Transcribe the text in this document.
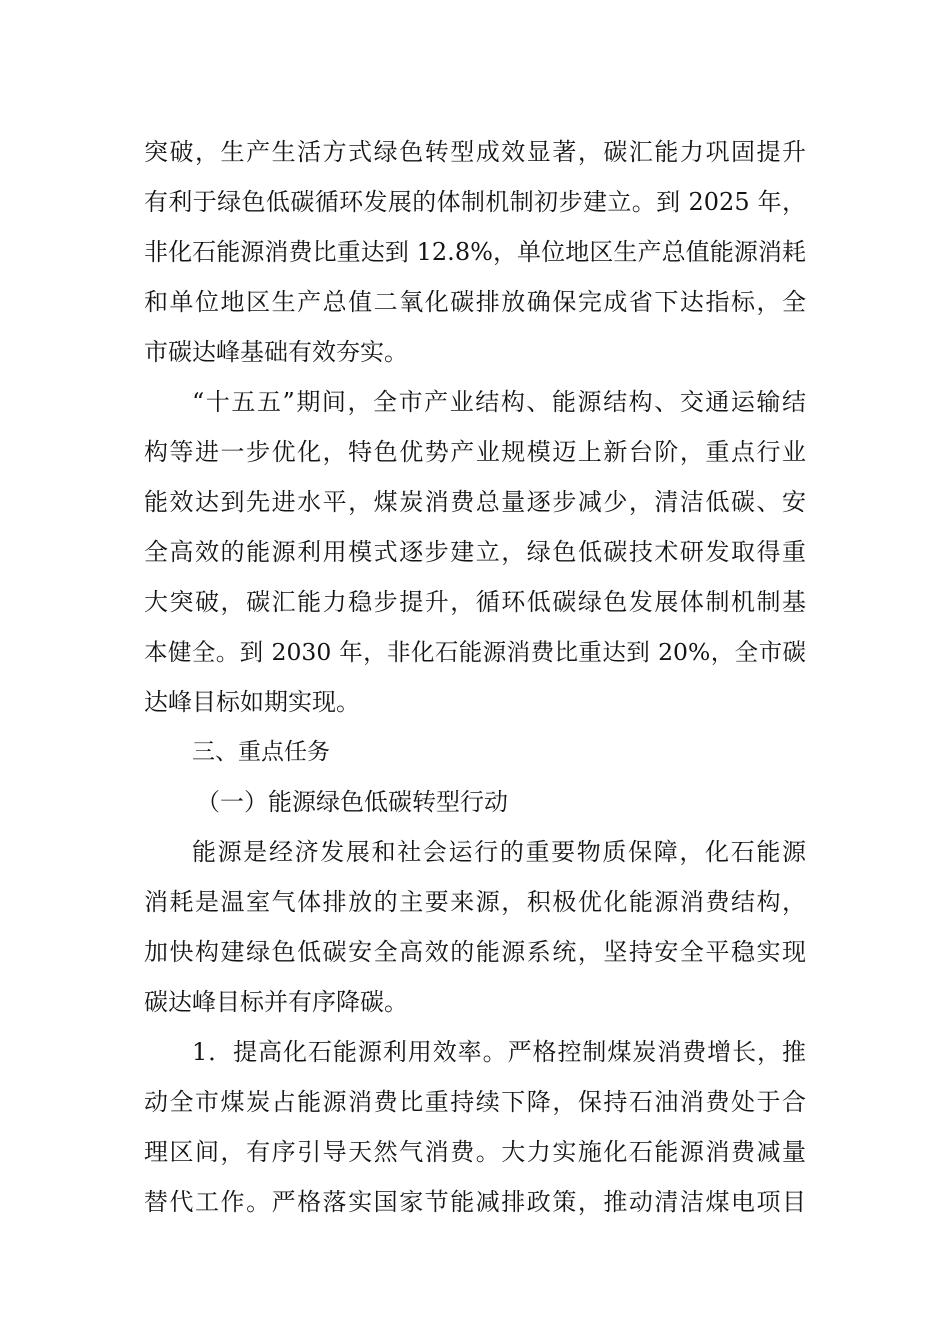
突破，生产生活方式绿色转型成效显著，碳汇能力巩固提升
有利于绿色低碳循环发展的体制机制初步建立。到 2025 年，
非化石能源消费比重达到 12.8%，单位地区生产总值能源消耗
和单位地区生产总值二氧化碳排放确保完成省下达指标，全
市碳达峰基础有效夯实。
“十五五”期间，全市产业结构、能源结构、交通运输结
构等进一步优化，特色优势产业规模迈上新台阶，重点行业
能效达到先进水平，煤炭消费总量逐步减少，清洁低碳、安
全高效的能源利用模式逐步建立，绿色低碳技术研发取得重
大突破，碳汇能力稳步提升，循环低碳绿色发展体制机制基
本健全。到 2030 年，非化石能源消费比重达到 20%，全市碳
达峰目标如期实现。
三、重点任务
（一）能源绿色低碳转型行动
能源是经济发展和社会运行的重要物质保障，化石能源
消耗是温室气体排放的主要来源，积极优化能源消费结构，
加快构建绿色低碳安全高效的能源系统，坚持安全平稳实现
碳达峰目标并有序降碳。
1．提高化石能源利用效率。严格控制煤炭消费增长，推
动全市煤炭占能源消费比重持续下降，保持石油消费处于合
理区间，有序引导天然气消费。大力实施化石能源消费减量
替代工作。严格落实国家节能减排政策，推动清洁煤电项目
